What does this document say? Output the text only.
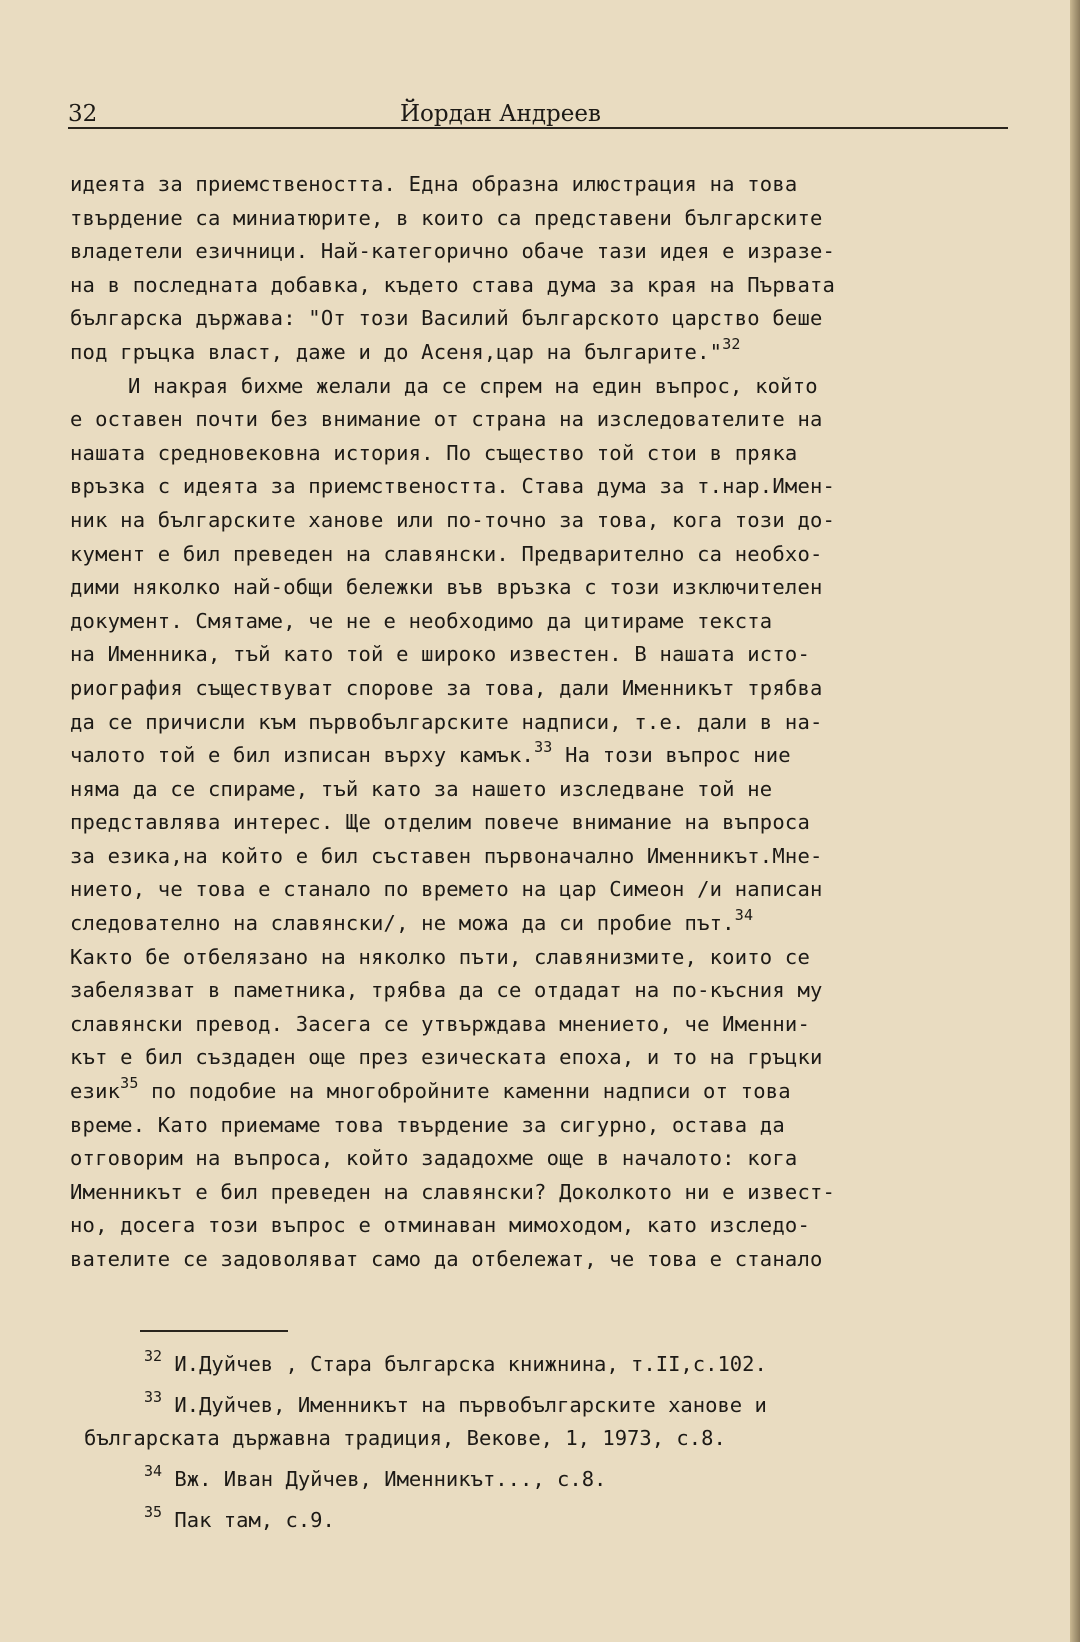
32	Йордан Андреев
идеята за приемствеността. Една образна илюстрация на това
твърдение са миниатюрите, в които са представени българските
владетели езичници. Най-категорично обаче тази идея е изразе-
на в последната добавка, където става дума за края на Първата
българска държава: "От този Василий българското царство беше
под гръцка власт, даже и до Асеня,цар на българите."$^{32}$
И накрая бихме желали да се спрем на един въпрос, който
е оставен почти без внимание от страна на изследователите на
нашата средновековна история. По същество той стои в пряка
връзка с идеята за приемствеността. Става дума за т.нар.Имен-
ник на българските ханове или по-точно за това, кога този до-
кумент е бил преведен на славянски. Предварително са необхо-
дими няколко най-общи бележки във връзка с този изключителен
документ. Смятаме, че не е необходимо да цитираме текста
на Именника, тъй като той е широко известен. В нашата исто-
риография съществуват спорове за това, дали Именникът трябва
да се причисли към първобългарските надписи, т.е. дали в на-
чалото той е бил изписан върху камък.$^{33}$ На този въпрос ние
няма да се спираме, тъй като за нашето изследване той не
представлява интерес. Ще отделим повече внимание на въпроса
за езика,на който е бил съставен първоначално Именникът.Мне-
нието, че това е станало по времето на цар Симеон /и написан
следователно на славянски/, не можа да си пробие път.$^{34}$
Както бе отбелязано на няколко пъти, славянизмите, които се
забелязват в паметника, трябва да се отдадат на по-късния му
славянски превод. Засега се утвърждава мнението, че Именни-
кът е бил създаден още през езическата епоха, и то на гръцки
език$^{35}$ по подобие на многобройните каменни надписи от това
време. Като приемаме това твърдение за сигурно, остава да
отговорим на въпроса, който зададохме още в началото: кога
Именникът е бил преведен на славянски? Доколкото ни е извест-
но, досега този въпрос е отминаван мимоходом, като изследо-
вателите се задоволяват само да отбележат, че това е станало
$^{32}$ И.Дуйчев , Стара българска книжнина, т.II,с.102.
$^{33}$ И.Дуйчев, Именникът на първобългарските ханове и
българската държавна традиция, Векове, 1, 1973, с.8.
$^{34}$ Вж. Иван Дуйчев, Именникът..., с.8.
$^{35}$ Пак там, с.9.
